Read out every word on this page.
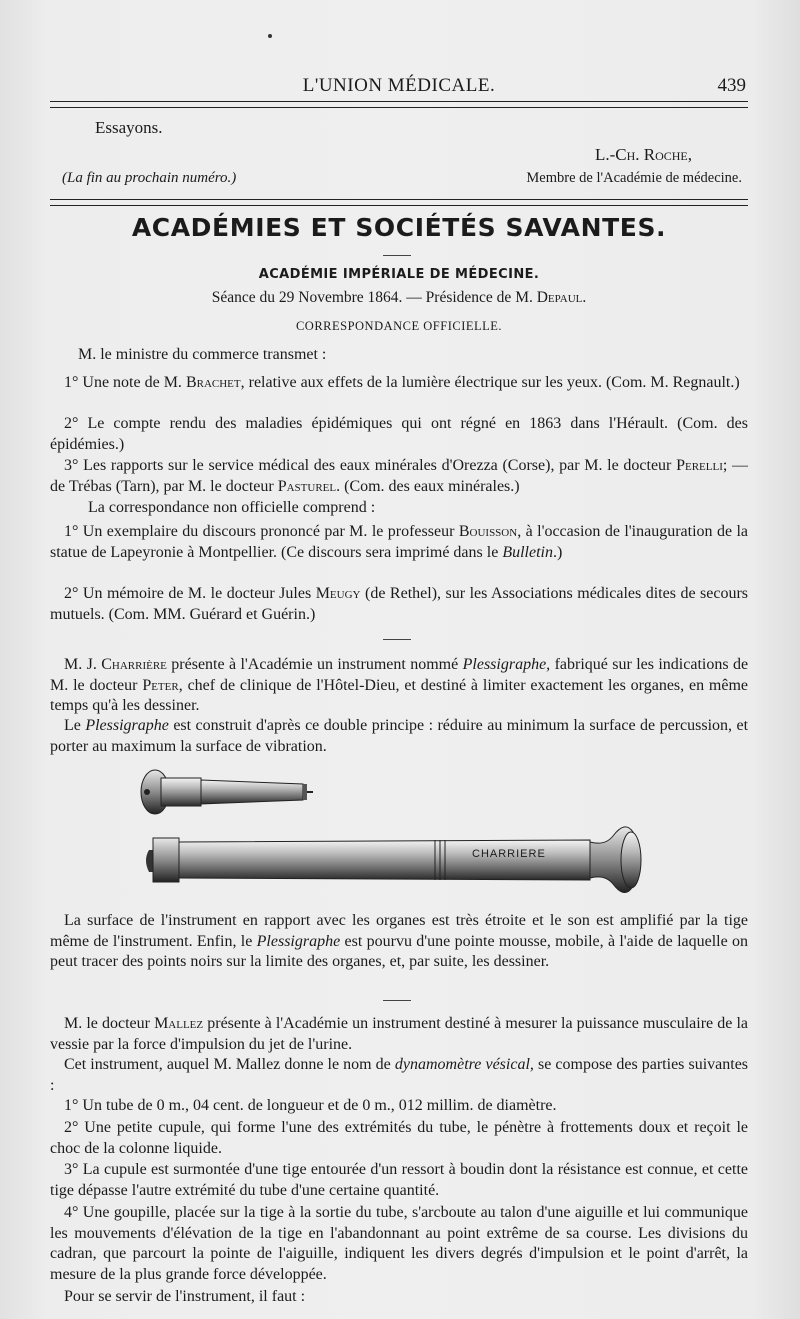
L'UNION MÉDICALE.	439
Essayons.
L.-Ch. Roche,
(La fin au prochain numéro.)	Membre de l'Académie de médecine.
ACADÉMIES ET SOCIÉTÉS SAVANTES.
ACADÉMIE IMPÉRIALE DE MÉDECINE.
Séance du 29 Novembre 1864. — Présidence de M. Depaul.
CORRESPONDANCE OFFICIELLE.

M. le ministre du commerce transmet :

1° Une note de M. Brachet, relative aux effets de la lumière électrique sur les yeux. (Com. M. Regnault.)

2° Le compte rendu des maladies épidémiques qui ont régné en 1863 dans l'Hérault. (Com. des épidémies.)

3° Les rapports sur le service médical des eaux minérales d'Orezza (Corse), par M. le docteur Perelli; — de Trébas (Tarn), par M. le docteur Pasturel. (Com. des eaux minérales.)

La correspondance non officielle comprend :

1° Un exemplaire du discours prononcé par M. le professeur Bouisson, à l'occasion de l'inauguration de la statue de Lapeyronie à Montpellier. (Ce discours sera imprimé dans le Bulletin.)

2° Un mémoire de M. le docteur Jules Meugy (de Rethel), sur les Associations médicales dites de secours mutuels. (Com. MM. Guérard et Guérin.)

M. J. Charrière présente à l'Académie un instrument nommé Plessigraphe, fabriqué sur les indications de M. le docteur Peter, chef de clinique de l'Hôtel-Dieu, et destiné à limiter exactement les organes, en même temps qu'à les dessiner.

Le Plessigraphe est construit d'après ce double principe : réduire au minimum la surface de percussion, et porter au maximum la surface de vibration.

CHARRIERE

La surface de l'instrument en rapport avec les organes est très étroite et le son est amplifié par la tige même de l'instrument. Enfin, le Plessigraphe est pourvu d'une pointe mousse, mobile, à l'aide de laquelle on peut tracer des points noirs sur la limite des organes, et, par suite, les dessiner.

M. le docteur Mallez présente à l'Académie un instrument destiné à mesurer la puissance musculaire de la vessie par la force d'impulsion du jet de l'urine.

Cet instrument, auquel M. Mallez donne le nom de dynamomètre vésical, se compose des parties suivantes :

1° Un tube de 0 m., 04 cent. de longueur et de 0 m., 012 millim. de diamètre.

2° Une petite cupule, qui forme l'une des extrémités du tube, le pénètre à frottements doux et reçoit le choc de la colonne liquide.

3° La cupule est surmontée d'une tige entourée d'un ressort à boudin dont la résistance est connue, et cette tige dépasse l'autre extrémité du tube d'une certaine quantité.

4° Une goupille, placée sur la tige à la sortie du tube, s'arcboute au talon d'une aiguille et lui communique les mouvements d'élévation de la tige en l'abandonnant au point extrême de sa course. Les divisions du cadran, que parcourt la pointe de l'aiguille, indiquent les divers degrés d'impulsion et le point d'arrêt, la mesure de la plus grande force développée.

Pour se servir de l'instrument, il faut :
